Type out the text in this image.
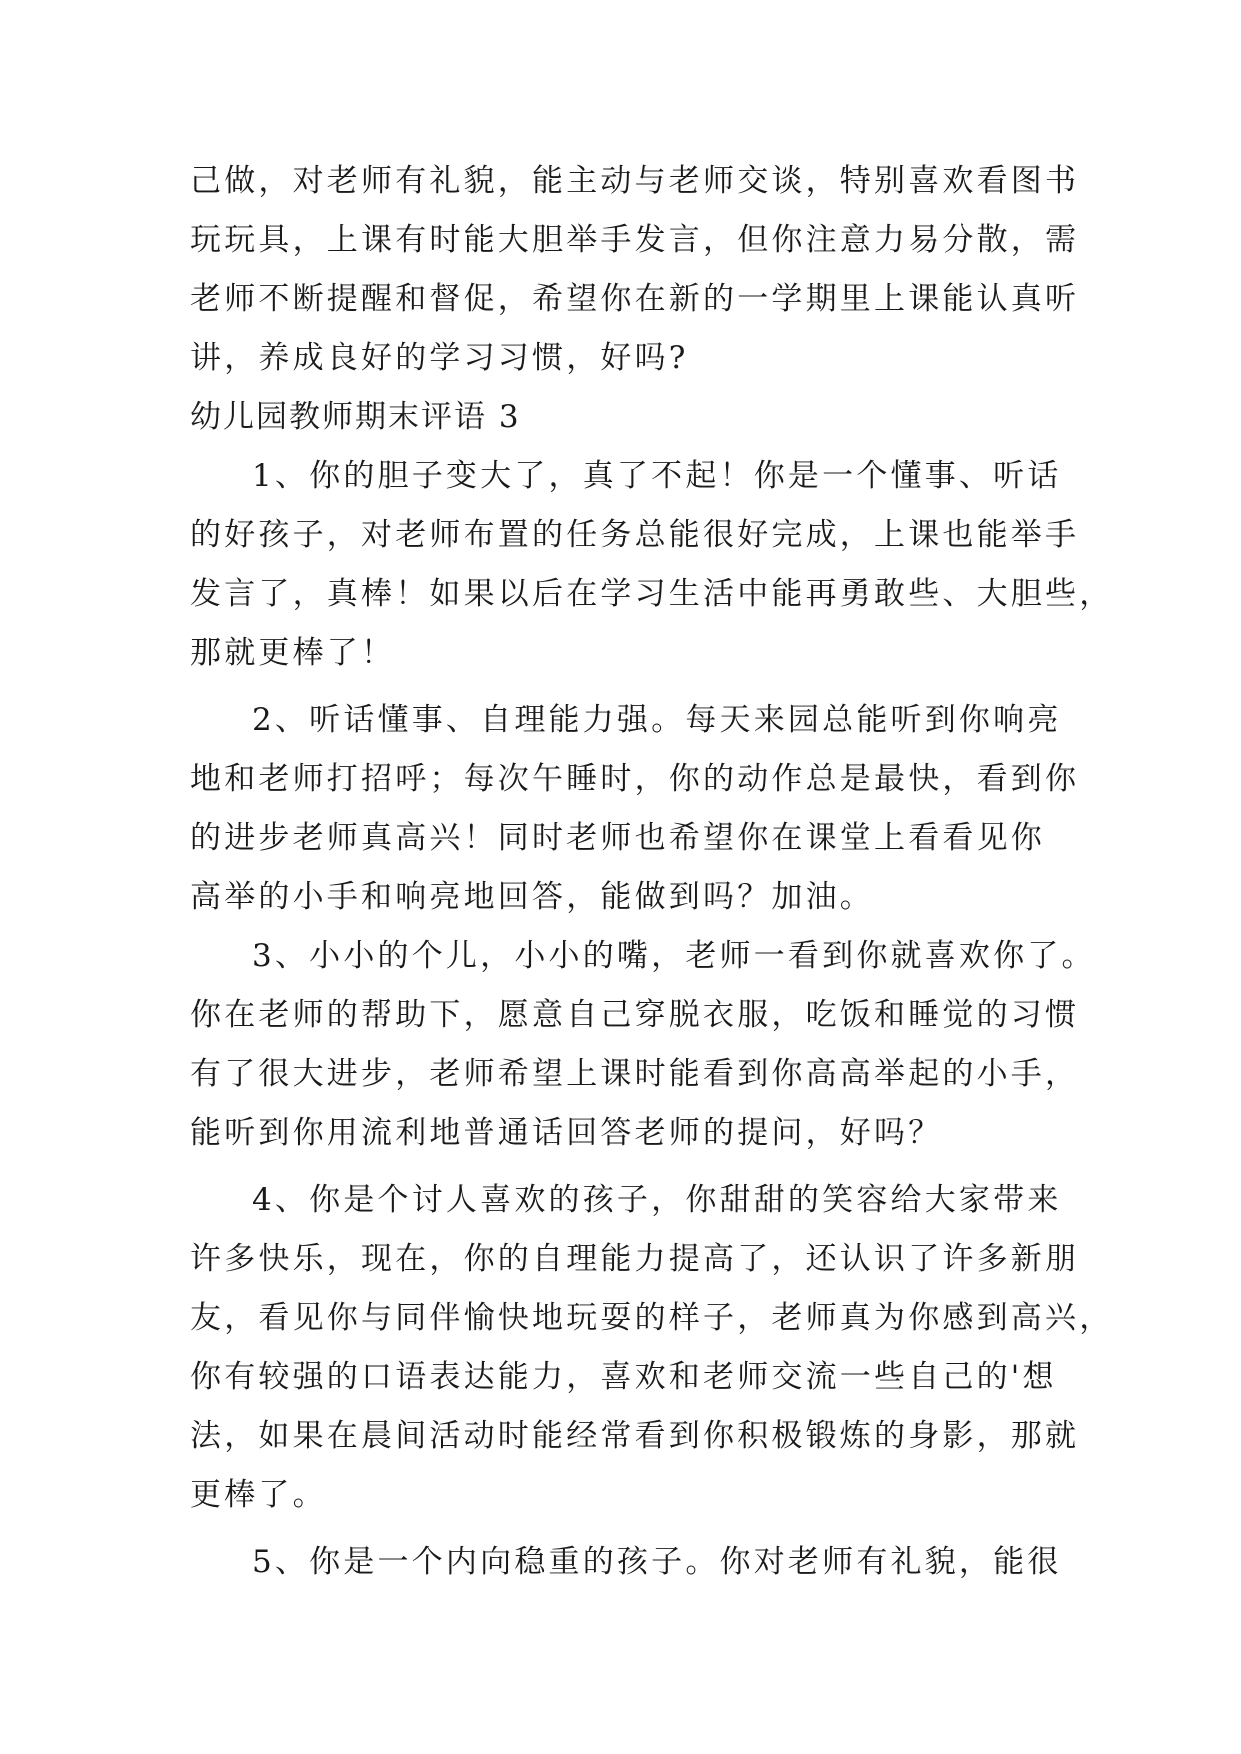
己做，对老师有礼貌，能主动与老师交谈，特别喜欢看图书
玩玩具，上课有时能大胆举手发言，但你注意力易分散，需
老师不断提醒和督促，希望你在新的一学期里上课能认真听
讲，养成良好的学习习惯，好吗?
幼儿园教师期末评语 3
1、你的胆子变大了，真了不起！你是一个懂事、听话
的好孩子，对老师布置的任务总能很好完成，上课也能举手
发言了，真棒！如果以后在学习生活中能再勇敢些、大胆些，
那就更棒了！
2、听话懂事、自理能力强。每天来园总能听到你响亮
地和老师打招呼；每次午睡时，你的动作总是最快，看到你
的进步老师真高兴！同时老师也希望你在课堂上看看见你
高举的小手和响亮地回答，能做到吗？加油。
3、小小的个儿，小小的嘴，老师一看到你就喜欢你了。
你在老师的帮助下，愿意自己穿脱衣服，吃饭和睡觉的习惯
有了很大进步，老师希望上课时能看到你高高举起的小手，
能听到你用流利地普通话回答老师的提问，好吗？
4、你是个讨人喜欢的孩子，你甜甜的笑容给大家带来
许多快乐，现在，你的自理能力提高了，还认识了许多新朋
友，看见你与同伴愉快地玩耍的样子，老师真为你感到高兴，
你有较强的口语表达能力，喜欢和老师交流一些自己的'想
法，如果在晨间活动时能经常看到你积极锻炼的身影，那就
更棒了。
5、你是一个内向稳重的孩子。你对老师有礼貌，能很
